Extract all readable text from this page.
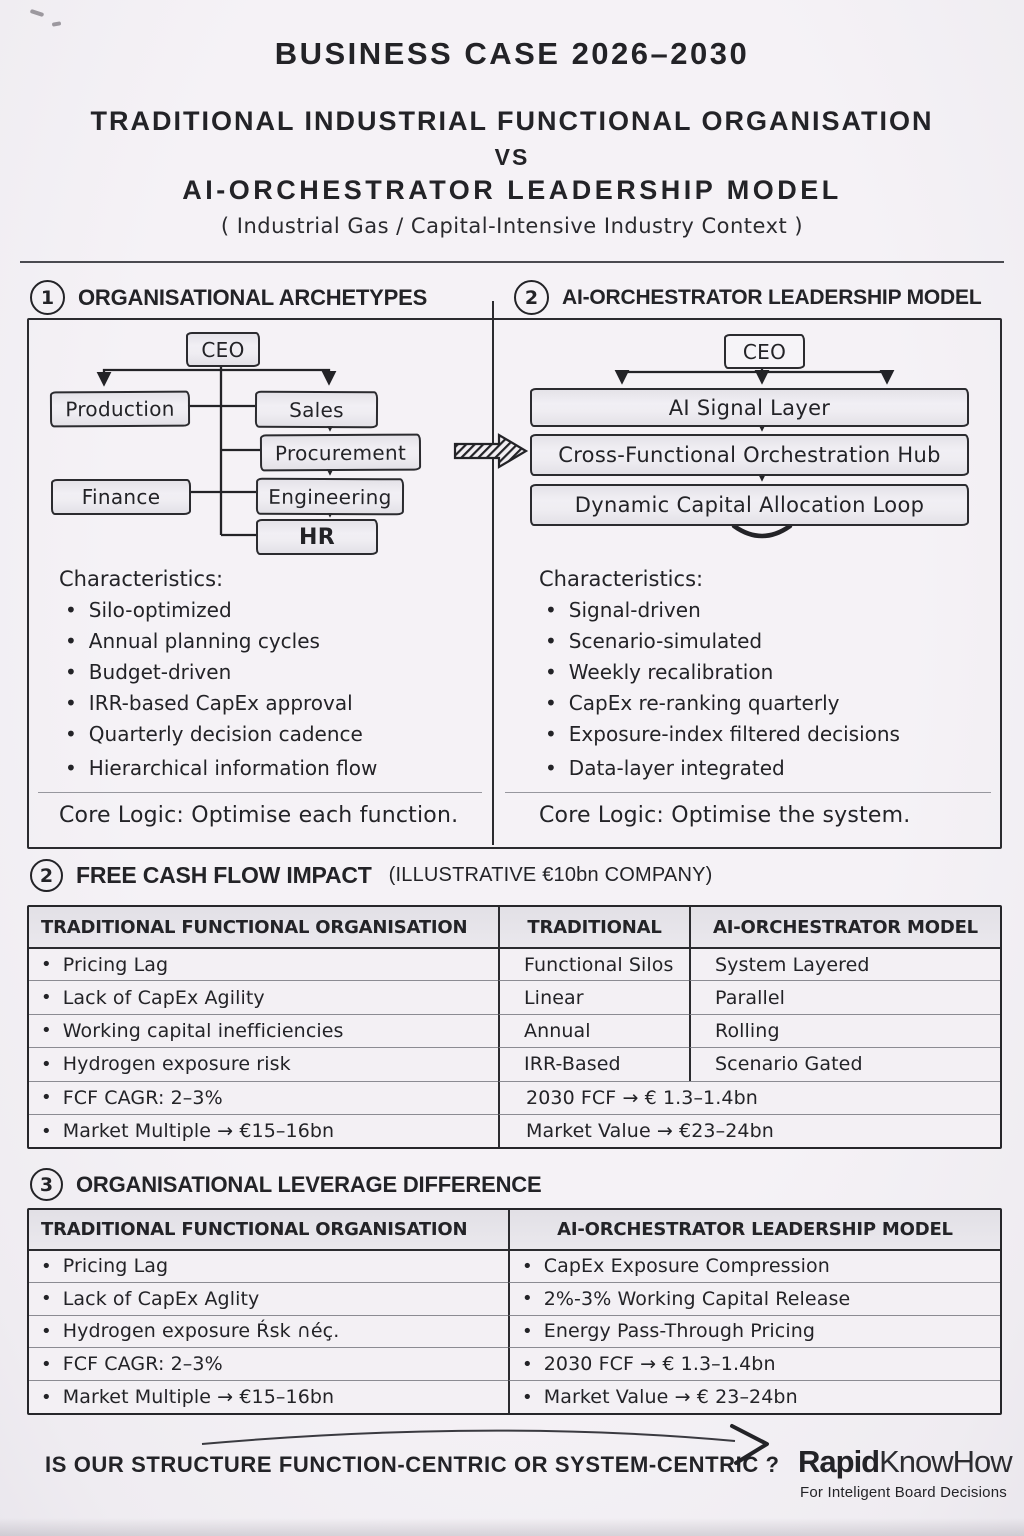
BUSINESS CASE 2026–2030
TRADITIONAL INDUSTRIAL FUNCTIONAL ORGANISATION
VS
AI-ORCHESTRATOR LEADERSHIP MODEL
( Industrial Gas / Capital-Intensive Industry Context )
1	ORGANISATIONAL ARCHETYPES	2	AI-ORCHESTRATOR LEADERSHIP MODEL
CEO
Production	Sales
Procurement
Finance	Engineering
HR
CEO
AI Signal Layer
Cross-Functional Orchestration Hub
Dynamic Capital Allocation Loop
Characteristics:
• Silo-optimized
• Annual planning cycles
• Budget-driven
• IRR-based CapEx approval
• Quarterly decision cadence
• Hierarchical information flow
Core Logic: Optimise each function.
Characteristics:
• Signal-driven
• Scenario-simulated
• Weekly recalibration
• CapEx re-ranking quarterly
• Exposure-index filtered decisions
• Data-layer integrated
Core Logic: Optimise the system.
2 FREE CASH FLOW IMPACT (ILLUSTRATIVE €10bn COMPANY)
TRADITIONAL FUNCTIONAL ORGANISATION	TRADITIONAL	AI-ORCHESTRATOR MODEL
• Pricing Lag	Functional Silos	System Layered
• Lack of CapEx Agility	Linear	Parallel
• Working capital inefficiencies	Annual	Rolling
• Hydrogen exposure risk	IRR-Based	Scenario Gated
• FCF CAGR: 2–3%	2030 FCF → € 1.3–1.4bn
• Market Multiple → €15–16bn	Market Value → €23–24bn
3	ORGANISATIONAL LEVERAGE DIFFERENCE
TRADITIONAL FUNCTIONAL ORGANISATION	AI-ORCHESTRATOR LEADERSHIP MODEL
• Pricing Lag	• CapEx Exposure Compression
• Lack of CapEx Aglity	• 2%-3% Working Capital Release
• Hydrogen exposure Ŕsk ∩éç.	• Energy Pass-Through Pricing
• FCF CAGR: 2–3%	• 2030 FCF → € 1.3–1.4bn
• Market Multiple → €15–16bn	• Market Value → € 23–24bn
IS OUR STRUCTURE FUNCTION-CENTRIC OR SYSTEM-CENTRIC ? RapidKnowHow
For Inteligent Board Decisions
